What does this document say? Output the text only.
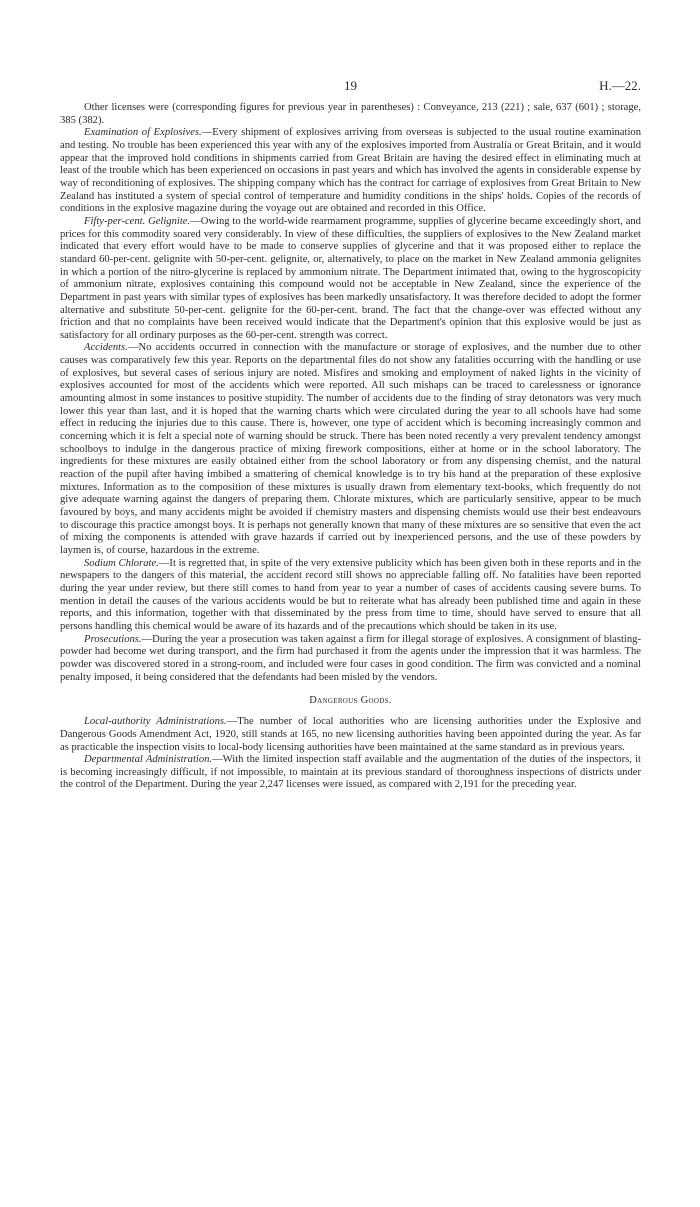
19	H.—22.

Other licenses were (corresponding figures for previous year in parentheses) : Conveyance, 213 (221) ; sale, 637 (601) ; storage, 385 (382).

Examination of Explosives.—Every shipment of explosives arriving from overseas is subjected to the usual routine examination and testing. No trouble has been experienced this year with any of the explosives imported from Australia or Great Britain, and it would appear that the improved hold conditions in shipments carried from Great Britain are having the desired effect in eliminating much at least of the trouble which has been experienced on occasions in past years and which has involved the agents in considerable expense by way of reconditioning of explosives. The shipping company which has the contract for carriage of explosives from Great Britain to New Zealand has instituted a system of special control of temperature and humidity conditions in the ships' holds. Copies of the records of conditions in the explosive magazine during the voyage out are obtained and recorded in this Office.

Fifty-per-cent. Gelignite.—Owing to the world-wide rearmament programme, supplies of glycerine became exceedingly short, and prices for this commodity soared very considerably. In view of these difficulties, the suppliers of explosives to the New Zealand market indicated that every effort would have to be made to conserve supplies of glycerine and that it was proposed either to replace the standard 60-per-cent. gelignite with 50-per-cent. gelignite, or, alternatively, to place on the market in New Zealand ammonia gelignites in which a portion of the nitro-glycerine is replaced by ammonium nitrate. The Department intimated that, owing to the hygroscopicity of ammonium nitrate, explosives containing this compound would not be acceptable in New Zealand, since the experience of the Department in past years with similar types of explosives has been markedly unsatisfactory. It was therefore decided to adopt the former alternative and substitute 50-per-cent. gelignite for the 60-per-cent. brand. The fact that the change-over was effected without any friction and that no complaints have been received would indicate that the Department's opinion that this explosive would be just as satisfactory for all ordinary purposes as the 60-per-cent. strength was correct.

Accidents.—No accidents occurred in connection with the manufacture or storage of explosives, and the number due to other causes was comparatively few this year. Reports on the departmental files do not show any fatalities occurring with the handling or use of explosives, but several cases of serious injury are noted. Misfires and smoking and employment of naked lights in the vicinity of explosives accounted for most of the accidents which were reported. All such mishaps can be traced to carelessness or ignorance amounting almost in some instances to positive stupidity. The number of accidents due to the finding of stray detonators was very much lower this year than last, and it is hoped that the warning charts which were circulated during the year to all schools have had some effect in reducing the injuries due to this cause. There is, however, one type of accident which is becoming increasingly common and concerning which it is felt a special note of warning should be struck. There has been noted recently a very prevalent tendency amongst schoolboys to indulge in the dangerous practice of mixing firework compositions, either at home or in the school laboratory. The ingredients for these mixtures are easily obtained either from the school laboratory or from any dispensing chemist, and the natural reaction of the pupil after having imbibed a smattering of chemical knowledge is to try his hand at the preparation of these explosive mixtures. Information as to the composition of these mixtures is usually drawn from elementary text-books, which frequently do not give adequate warning against the dangers of preparing them. Chlorate mixtures, which are particularly sensitive, appear to be much favoured by boys, and many accidents might be avoided if chemistry masters and dispensing chemists would use their best endeavours to discourage this practice amongst boys. It is perhaps not generally known that many of these mixtures are so sensitive that even the act of mixing the components is attended with grave hazards if carried out by inexperienced persons, and the use of these powders by laymen is, of course, hazardous in the extreme.

Sodium Chlorate.—It is regretted that, in spite of the very extensive publicity which has been given both in these reports and in the newspapers to the dangers of this material, the accident record still shows no appreciable falling off. No fatalities have been reported during the year under review, but there still comes to hand from year to year a number of cases of accidents causing severe burns. To mention in detail the causes of the various accidents would be but to reiterate what has already been published time and again in these reports, and this information, together with that disseminated by the press from time to time, should have served to ensure that all persons handling this chemical would be aware of its hazards and of the precautions which should be taken in its use.

Prosecutions.—During the year a prosecution was taken against a firm for illegal storage of explosives. A consignment of blasting-powder had become wet during transport, and the firm had purchased it from the agents under the impression that it was harmless. The powder was discovered stored in a strong-room, and included were four cases in good condition. The firm was convicted and a nominal penalty imposed, it being considered that the defendants had been misled by the vendors.

Dangerous Goods.

Local-authority Administrations.—The number of local authorities who are licensing authorities under the Explosive and Dangerous Goods Amendment Act, 1920, still stands at 165, no new licensing authorities having been appointed during the year. As far as practicable the inspection visits to local-body licensing authorities have been maintained at the same standard as in previous years.

Departmental Administration.—With the limited inspection staff available and the augmentation of the duties of the inspectors, it is becoming increasingly difficult, if not impossible, to maintain at its previous standard of thoroughness inspections of districts under the control of the Department. During the year 2,247 licenses were issued, as compared with 2,191 for the preceding year.
